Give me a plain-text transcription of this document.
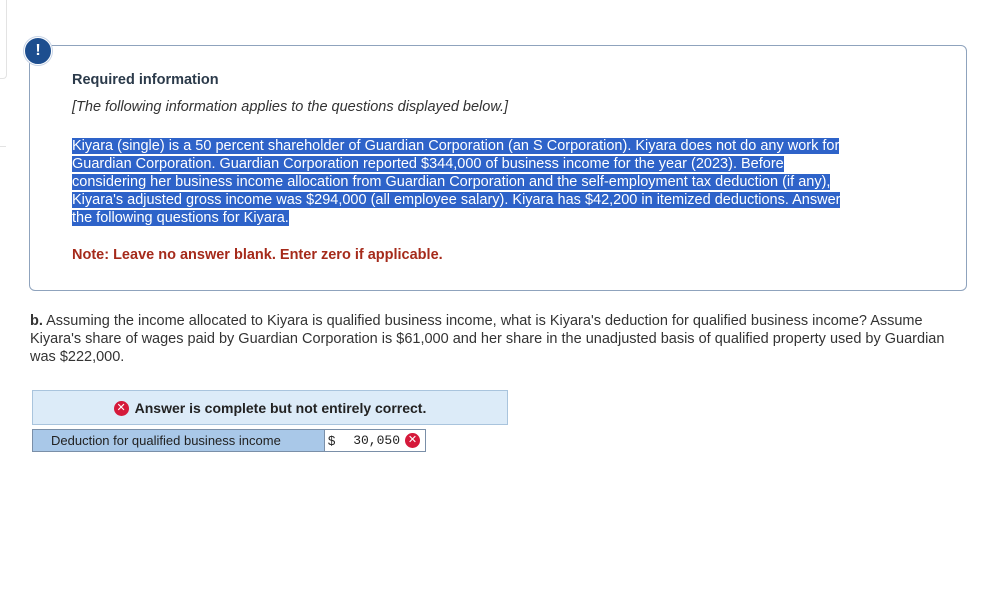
!
Required information
[The following information applies to the questions displayed below.]
Kiyara (single) is a 50 percent shareholder of Guardian Corporation (an S Corporation). Kiyara does not do any work for
Guardian Corporation. Guardian Corporation reported $344,000 of business income for the year (2023). Before
considering her business income allocation from Guardian Corporation and the self-employment tax deduction (if any),
Kiyara's adjusted gross income was $294,000 (all employee salary). Kiyara has $42,200 in itemized deductions. Answer
the following questions for Kiyara.
Note: Leave no answer blank. Enter zero if applicable.
b. Assuming the income allocated to Kiyara is qualified business income, what is Kiyara's deduction for qualified business income? Assume Kiyara's share of wages paid by Guardian Corporation is $61,000 and her share in the unadjusted basis of qualified property used by Guardian was $222,000.
✕ Answer is complete but not entirely correct.
Deduction for qualified business income	$ 30,050 ✕
